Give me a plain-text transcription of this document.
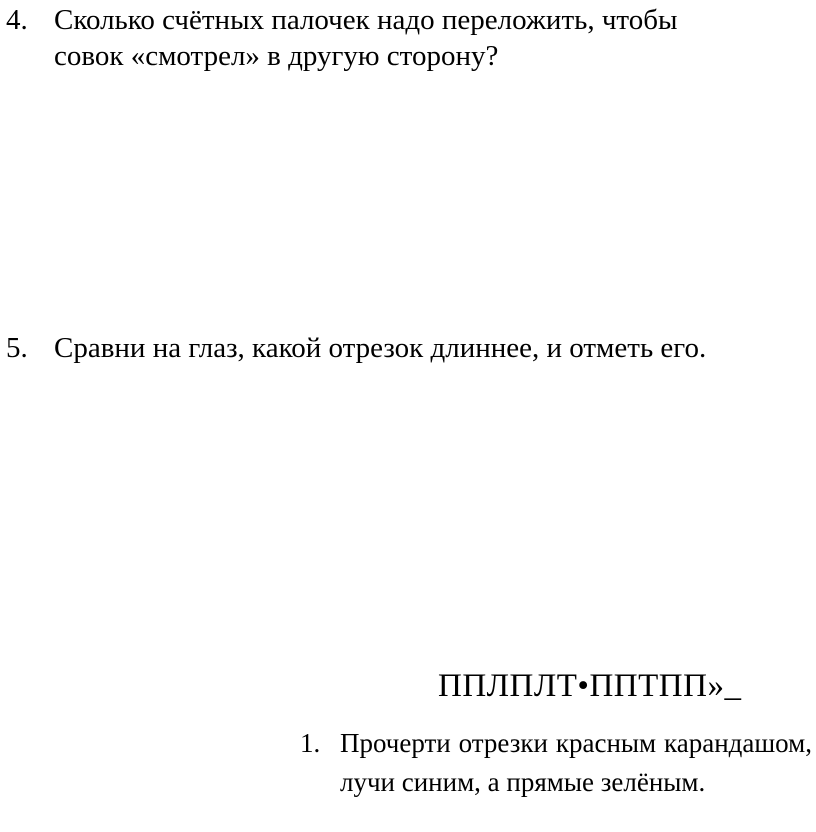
4. Сколько счётных палочек надо переложить, чтобы совок «смотрел» в другую сторону?
5. Сравни на глаз, какой отрезок длиннее, и отметь его.
ППЛПЛТ•ППТПП»_
1. Прочерти отрезки красным карандашом, лучи синим, а прямые зелёным.
